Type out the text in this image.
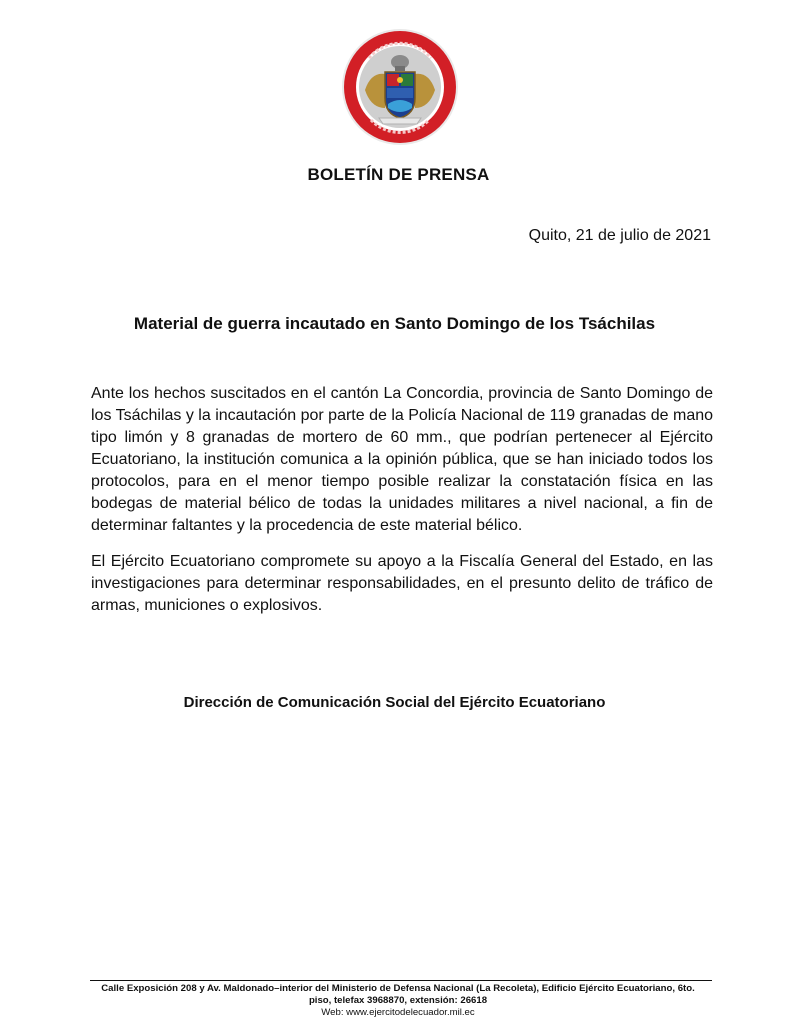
BOLETÍN DE PRENSA
Quito, 21 de julio de 2021
Material de guerra incautado en Santo Domingo de los Tsáchilas

Ante los hechos suscitados en el cantón La Concordia, provincia de Santo Domingo de los Tsáchilas y la incautación por parte de la Policía Nacional de 119 granadas de mano tipo limón y 8 granadas de mortero de 60 mm., que podrían pertenecer al Ejército Ecuatoriano, la institución comunica a la opinión pública, que se han iniciado todos los protocolos, para en el menor tiempo posible realizar la constatación física en las bodegas de material bélico de todas la unidades militares a nivel nacional, a fin de determinar faltantes y la procedencia de este material bélico.

El Ejército Ecuatoriano compromete su apoyo a la Fiscalía General del Estado, en las investigaciones para determinar responsabilidades, en el presunto delito de tráfico de armas, municiones o explosivos.

Dirección de Comunicación Social del Ejército Ecuatoriano
Calle Exposición 208 y Av. Maldonado–interior del Ministerio de Defensa Nacional (La Recoleta), Edificio Ejército Ecuatoriano, 6to.
piso, telefax 3968870, extensión: 26618
Web: www.ejercitodelecuador.mil.ec
